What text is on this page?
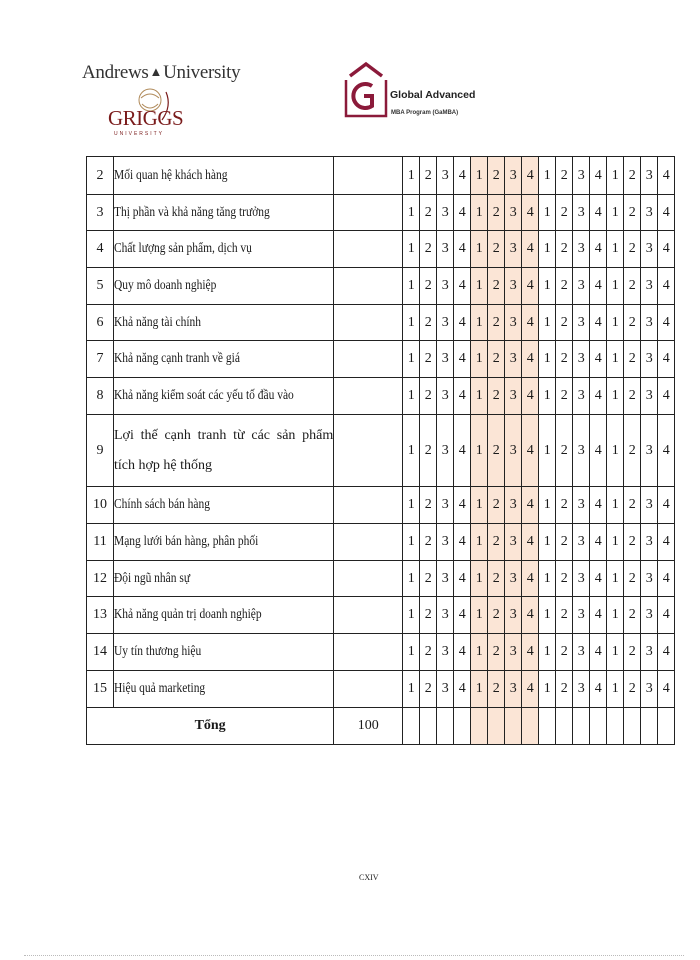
Andrews▲University
GRIGGS
UNIVERSITY
Global Advanced
MBA Program (GaMBA)
2	Mối quan hệ khách hàng		1	2	3	4	1	2	3	4	1	2	3	4	1	2	3	4
3	Thị phần và khả năng tăng trưởng		1	2	3	4	1	2	3	4	1	2	3	4	1	2	3	4
4	Chất lượng sản phẩm, dịch vụ		1	2	3	4	1	2	3	4	1	2	3	4	1	2	3	4
5	Quy mô doanh nghiệp		1	2	3	4	1	2	3	4	1	2	3	4	1	2	3	4
6	Khả năng tài chính		1	2	3	4	1	2	3	4	1	2	3	4	1	2	3	4
7	Khả năng cạnh tranh về giá		1	2	3	4	1	2	3	4	1	2	3	4	1	2	3	4
8	Khả năng kiểm soát các yếu tố đầu vào		1	2	3	4	1	2	3	4	1	2	3	4	1	2	3	4
9	Lợi thế cạnh tranh từ các sản phẩm tích hợp hệ thống		1	2	3	4	1	2	3	4	1	2	3	4	1	2	3	4
10	Chính sách bán hàng		1	2	3	4	1	2	3	4	1	2	3	4	1	2	3	4
11	Mạng lưới bán hàng, phân phối		1	2	3	4	1	2	3	4	1	2	3	4	1	2	3	4
12	Đội ngũ nhân sự		1	2	3	4	1	2	3	4	1	2	3	4	1	2	3	4
13	Khả năng quản trị doanh nghiệp		1	2	3	4	1	2	3	4	1	2	3	4	1	2	3	4
14	Uy tín thương hiệu		1	2	3	4	1	2	3	4	1	2	3	4	1	2	3	4
15	Hiệu quả marketing		1	2	3	4	1	2	3	4	1	2	3	4	1	2	3	4
Tổng		100																
CXIV
